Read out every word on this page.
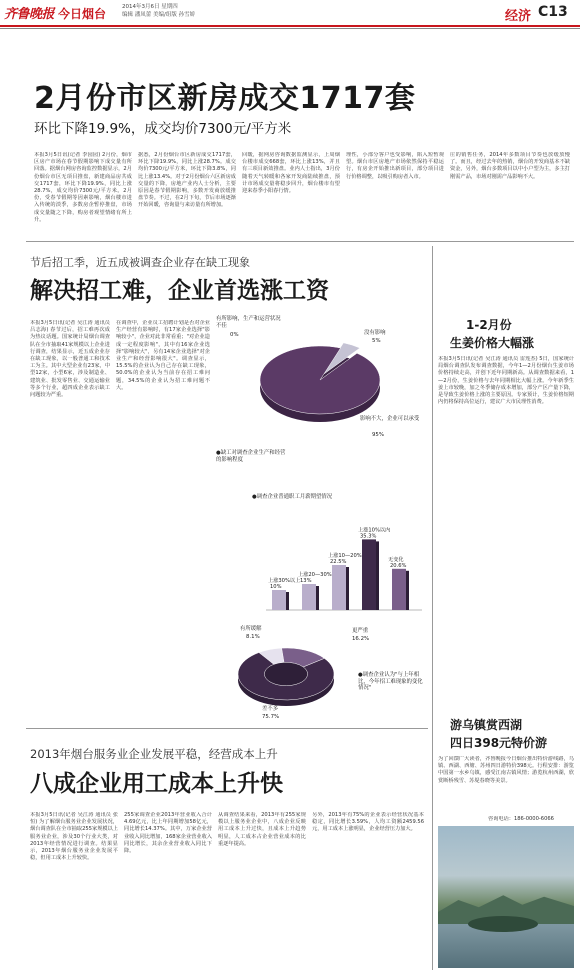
齐鲁晚报 今日烟台	2014年3月6日 星期四
编辑 潘凤蕾 美编/组版 孙雪娇	经济 C13
2月份市区新房成交1717套
环比下降19.9%，成交均价7300元/平方米
本报3月5日讯(记者 李园园) 2月份，烟市区房产市场在春节假期影响下成交量有所回落。据烟台网房咨询监控数据显示，2月份烟台市区无项目推盘，新建商品房共成交1717套，环比下降19.9%，同比上涨28.7%，成交均价7300元/平方米。2月份，受春节假期等因素影响，烟台楼市进入传统的淡季，多数房企暂停推盘，市场成交量随之下降，购房者观望情绪有所上升。
据悉，2月份烟台市区新房成交1717套，环比下降19.9%，同比上涨28.7%。成交均价7300元/平方米，环比下降3.8%，同比上涨13.4%。对于2月份烟台六区新房成交量的下降，房地产业内人士分析，主要原因是春节假期影响，多数开发商放缓推盘节奏。不过，在2月下旬，节后市场逐渐开始回暖，咨询量与来访量有所增加。
回暖，据网房咨询数据监测显示，上周烟台楼市成交668套，环比上涨13%，并且有三项目新效推盘。业内人士指出，3月份随着天气转暖和各家开发商陆续推盘，预计市场成交量将稳步回升，烟台楼市有望迎来春季小阳春行情。
理性，小部分客户也受影响，陷入短暂观望。烟台市区房地产市场依然保持平稳运行，有房企开始推出新项目，部分项目进行价格调整，以吸引购房者入市。
庄的销售任务，2014年多数项目节奏也放缓放慢了。而且，经过去年的热销，烟台的开发商基本不缺资金，另外，烟台多数项目以中小户型为主，多主打刚需产品，市场对刚需产品影响不大。
节后招工季，近五成被调查企业存在缺工现象
解决招工难，企业首选涨工资
本报3月5日讯(记者 吴江涛 通讯员 吕志海) 春节过后，招工难再次成为热议话题。国家统计局烟台调查队在全市抽取41家规模以上企业进行调查，结果显示，近五成企业存在缺工现象，以一般普通工和技术工为主。其中大型企业有23家，中型12家，小型6家，涉及制造业、建筑业、批发零售业、交通运输业等多个行业，超四成企业表示缺工问题较为严重。
在调查中，企业员工招聘计划是否对企业生产经营有影响时，有17家企业选择"影响较小"，企业对此非常看重；"对企业造成一定程度影响"，其中有16家企业选择"影响较大"，另有14家企业选择"对企业生产和经营影响很大"。调查显示，15.5%的企业认为自己存在缺工现象，50.0%的企业认为当前存在招工难问题，34.5%的企业认为招工难问题不大。
有所影响，生产和运营状况不佳
0%	没有影响
5%
影响不大，企业可以承受
95%
●缺工对调查企业生产和经营的影响程度
●调查企业普通职工月薪期望情况
上涨30%以上
10%
上涨20—30%
13%
上涨10—20%
22.5%
上涨10%以内
35.3%
无变化
20.6%
有所缓解
8.1%
更严重
16.2%
差不多
75.7%
●调查企业认为"与上年相比，今年招工难现象的变化情况"
2013年烟台服务业企业发展平稳，经营成本上升
八成企业用工成本上升快
本报3月5日讯(记者 吴江涛 通讯员 张恒) 为了解烟台服务业企业发展状况，烟台调查队在全市抽取255家规模以上服务业企业，涉及30个行业大类，对2013年经营情况进行调查。结果显示，2013年烟台服务业企业发展平稳，但用工成本上升较快。
255家调查企业2013年营业收入合计4.69亿元，比上年同期增加58亿元，同比增长14.37%。其中，万家企业营业收入同比增加，168家企业营业收入同比增长，其余企业营业收入同比下降。
从调查结果来看，2013年有255家规模以上服务业企业中，八成企业反映用工成本上升过快，且成本上升趋势明显，人工成本占企业营业成本的比重逐年提高。
另外，2013年有75%的企业表示经营状况基本稳定，同比增长3.59%，人均工资额2459.56元，用工成本上涨明显，企业经营压力加大。
1-2月份
生姜价格大幅涨
本报3月5日讯(记者 吴江涛 通讯员 雷莲杰) 5日，国家统计局烟台调查队发布调查数据，今年1—2月份烟台生姜市场价格持续走高，并创下近年同期新高。从调查数据来看，1—2月份，生姜价格与去年同期相比大幅上涨。今年新季生姜上市较晚，加之冬季储存成本增加，部分产区产量下降，是导致生姜价格上涨的主要原因。专家预计，生姜价格短期内仍将保持高位运行，建议广大市民理性消费。
游乌镇赏西湖
四日398元特价游
为了回馈广大读者，齐鲁晚报今日烟台推出特价游线路，乌镇、西湖、西塘、苏州四日游特价398元。行程安排：游览中国第一水乡乌镇，感受江南古镇风情；游览杭州西湖，欣赏断桥残雪、苏堤春晓等美景。
咨询电话：186-0000-6066
